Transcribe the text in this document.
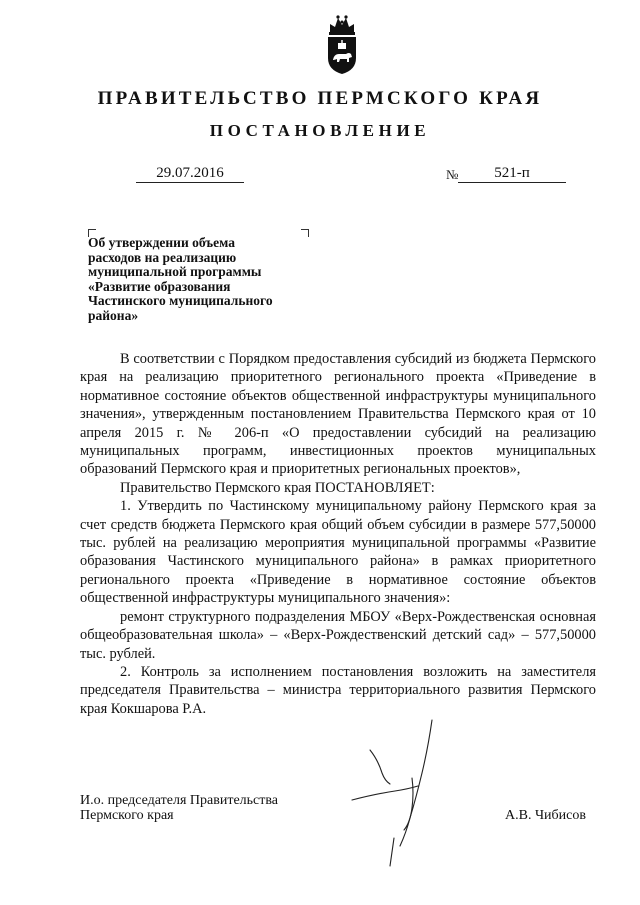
ПРАВИТЕЛЬСТВО ПЕРМСКОГО КРАЯ
ПОСТАНОВЛЕНИЕ
29.07.2016	№	521-п
Об утверждении объема
расходов на реализацию
муниципальной программы
«Развитие образования
Частинского муниципального
района»

В соответствии с Порядком предоставления субсидий из бюджета Пермского края на реализацию приоритетного регионального проекта «Приведение в нормативное состояние объектов общественной инфраструктуры муниципального значения», утвержденным постановлением Правительства Пермского края от 10 апреля 2015 г. № 206-п «О предоставлении субсидий на реализацию муниципальных программ, инвестиционных проектов муниципальных образований Пермского края и приоритетных региональных проектов»,

Правительство Пермского края ПОСТАНОВЛЯЕТ:

1. Утвердить по Частинскому муниципальному району Пермского края за счет средств бюджета Пермского края общий объем субсидии в размере 577,50000 тыс. рублей на реализацию мероприятия муниципальной программы «Развитие образования Частинского муниципального района» в рамках приоритетного регионального проекта «Приведение в нормативное состояние объектов общественной инфраструктуры муниципального значения»:

ремонт структурного подразделения МБОУ «Верх-Рождественская основная общеобразовательная школа» – «Верх-Рождественский детский сад» – 577,50000 тыс. рублей.

2. Контроль за исполнением постановления возложить на заместителя председателя Правительства – министра территориального развития Пермского края Кокшарова Р.А.

И.о. председателя Правительства
Пермского края	А.В. Чибисов
